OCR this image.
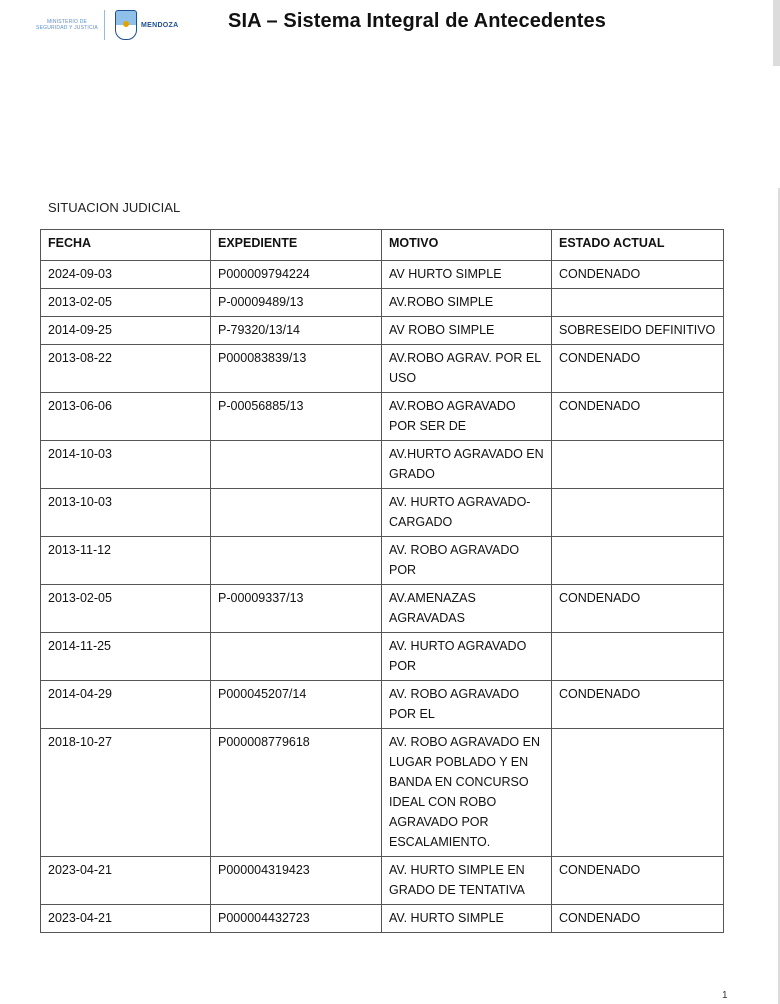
MINISTERIO DE SEGURIDAD Y JUSTICIA	MENDOZA SIA – Sistema Integral de Antecedentes
SITUACION JUDICIAL
FECHA	EXPEDIENTE	MOTIVO	ESTADO ACTUAL
2024-09-03	P000009794224	AV HURTO SIMPLE	CONDENADO
2013-02-05	P-00009489/13	AV.ROBO SIMPLE	
2014-09-25	P-79320/13/14	AV ROBO SIMPLE	SOBRESEIDO DEFINITIVO
2013-08-22	P000083839/13	AV.ROBO AGRAV. POR EL USO	CONDENADO
2013-06-06	P-00056885/13	AV.ROBO AGRAVADO POR SER DE	CONDENADO
2014-10-03		AV.HURTO AGRAVADO EN GRADO	
2013-10-03		AV. HURTO AGRAVADO- CARGADO	
2013-11-12		AV. ROBO AGRAVADO POR	
2013-02-05	P-00009337/13	AV.AMENAZAS AGRAVADAS	CONDENADO
2014-11-25		AV. HURTO AGRAVADO POR	
2014-04-29	P000045207/14	AV. ROBO AGRAVADO POR EL	CONDENADO
2018-10-27	P000008779618	AV. ROBO AGRAVADO EN LUGAR POBLADO Y EN BANDA EN CONCURSO IDEAL CON ROBO AGRAVADO POR ESCALAMIENTO.	
2023-04-21	P000004319423	AV. HURTO SIMPLE EN GRADO DE TENTATIVA	CONDENADO
2023-04-21	P000004432723	AV. HURTO SIMPLE	CONDENADO
1
